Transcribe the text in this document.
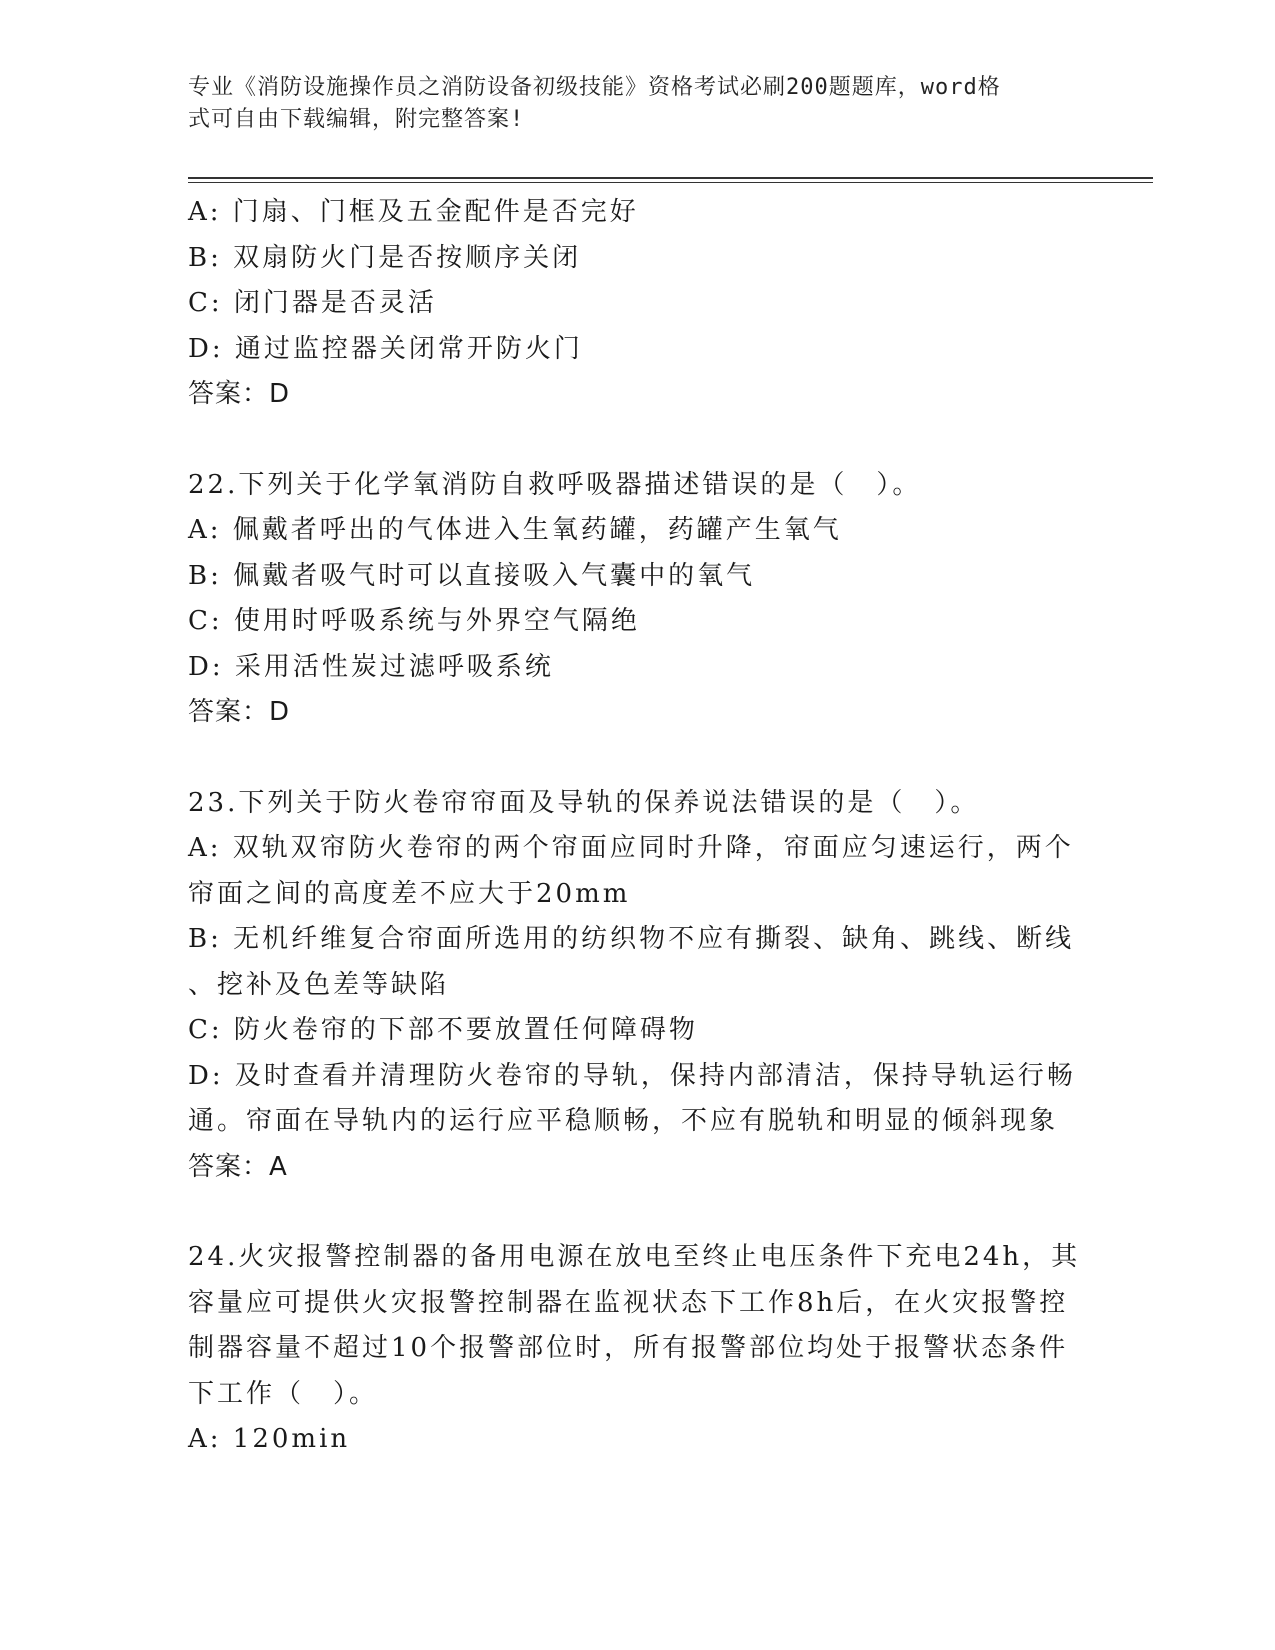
专业《消防设施操作员之消防设备初级技能》资格考试必刷200题题库，word格
式可自由下载编辑，附完整答案!
A: 门扇、门框及五金配件是否完好
B: 双扇防火门是否按顺序关闭
C: 闭门器是否灵活
D: 通过监控器关闭常开防火门
答案：D
22.下列关于化学氧消防自救呼吸器描述错误的是（　）。
A: 佩戴者呼出的气体进入生氧药罐，药罐产生氧气
B: 佩戴者吸气时可以直接吸入气囊中的氧气
C: 使用时呼吸系统与外界空气隔绝
D: 采用活性炭过滤呼吸系统
答案：D
23.下列关于防火卷帘帘面及导轨的保养说法错误的是（　）。
A: 双轨双帘防火卷帘的两个帘面应同时升降，帘面应匀速运行，两个
帘面之间的高度差不应大于20mm
B: 无机纤维复合帘面所选用的纺织物不应有撕裂、缺角、跳线、断线
、挖补及色差等缺陷
C: 防火卷帘的下部不要放置任何障碍物
D: 及时查看并清理防火卷帘的导轨，保持内部清洁，保持导轨运行畅
通。帘面在导轨内的运行应平稳顺畅，不应有脱轨和明显的倾斜现象
答案：A
24.火灾报警控制器的备用电源在放电至终止电压条件下充电24h，其
容量应可提供火灾报警控制器在监视状态下工作8h后，在火灾报警控
制器容量不超过10个报警部位时，所有报警部位均处于报警状态条件
下工作（　）。
A: 120min
